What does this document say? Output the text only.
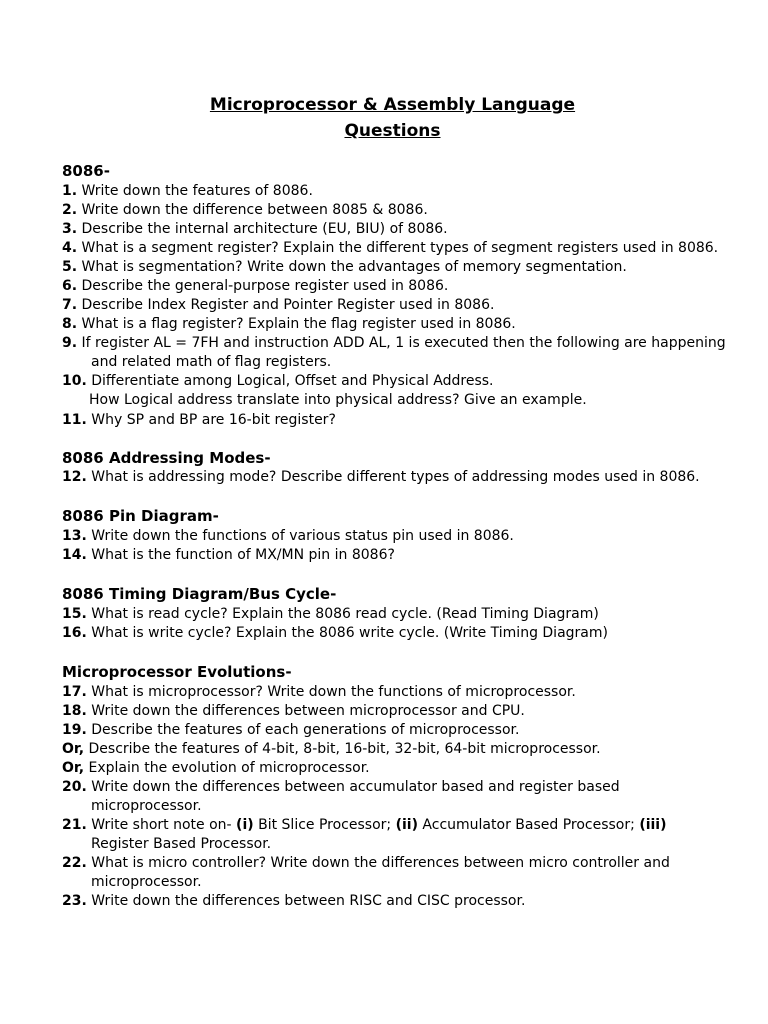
Microprocessor & Assembly Language
Questions
8086-
1. Write down the features of 8086.
2. Write down the difference between 8085 & 8086.
3. Describe the internal architecture (EU, BIU) of 8086.
4. What is a segment register? Explain the different types of segment registers used in 8086.
5. What is segmentation? Write down the advantages of memory segmentation.
6. Describe the general-purpose register used in 8086.
7. Describe Index Register and Pointer Register used in 8086.
8. What is a flag register? Explain the flag register used in 8086.
9. If register AL = 7FH and instruction ADD AL, 1 is executed then the following are happening
and related math of flag registers.
10. Differentiate among Logical, Offset and Physical Address.
How Logical address translate into physical address? Give an example.
11. Why SP and BP are 16-bit register?
8086 Addressing Modes-
12. What is addressing mode? Describe different types of addressing modes used in 8086.
8086 Pin Diagram-
13. Write down the functions of various status pin used in 8086.
14. What is the function of MX/MN pin in 8086?
8086 Timing Diagram/Bus Cycle-
15. What is read cycle? Explain the 8086 read cycle. (Read Timing Diagram)
16. What is write cycle? Explain the 8086 write cycle. (Write Timing Diagram)
Microprocessor Evolutions-
17. What is microprocessor? Write down the functions of microprocessor.
18. Write down the differences between microprocessor and CPU.
19. Describe the features of each generations of microprocessor.
Or, Describe the features of 4-bit, 8-bit, 16-bit, 32-bit, 64-bit microprocessor.
Or, Explain the evolution of microprocessor.
20. Write down the differences between accumulator based and register based
microprocessor.
21. Write short note on- (i) Bit Slice Processor; (ii) Accumulator Based Processor; (iii)
Register Based Processor.
22. What is micro controller? Write down the differences between micro controller and
microprocessor.
23. Write down the differences between RISC and CISC processor.
